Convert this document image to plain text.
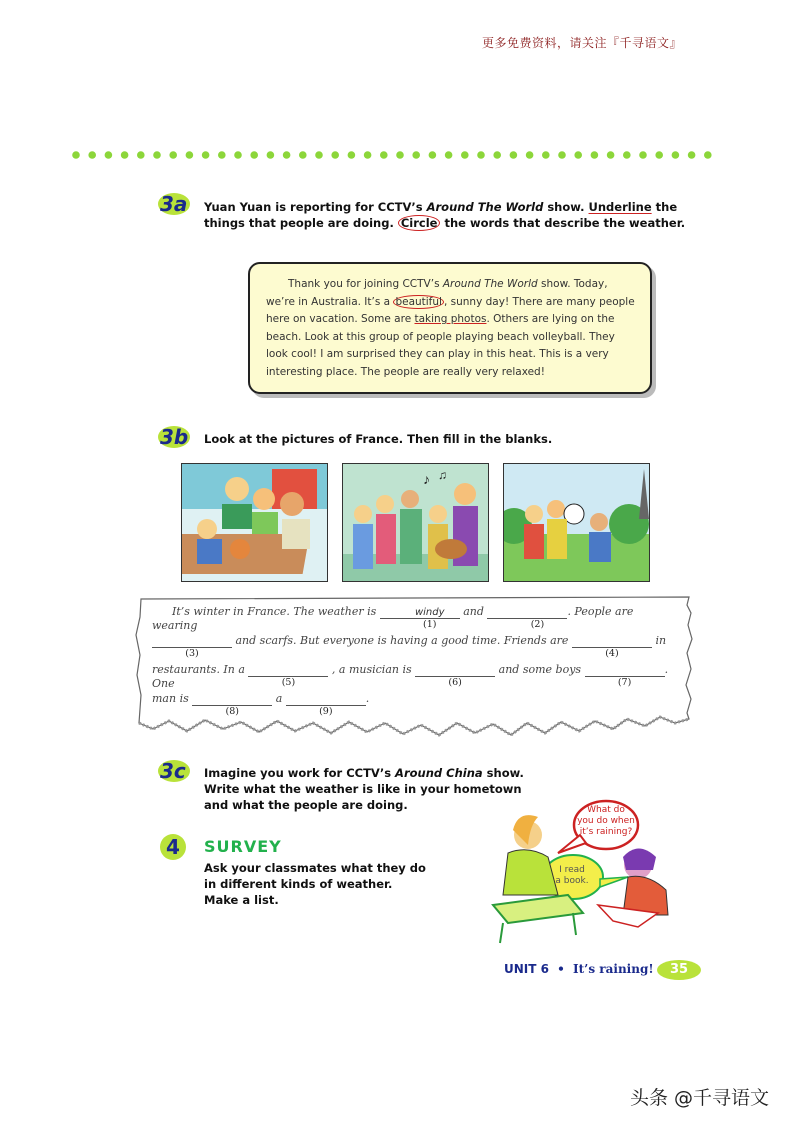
更多免费资料，请关注『千寻语文』
3a Yuan Yuan is reporting for CCTV’s Around The World show. Underline the things that people are doing. Circle the words that describe the weather.
Thank you for joining CCTV’s Around The World show. Today, we’re in Australia. It’s a beautiful , sunny day! There are many people here on vacation. Some are taking photos. Others are lying on the beach. Look at this group of people playing beach volleyball. They look cool! I am surprised they can play in this heat. This is a very interesting place. The people are really very relaxed!
3b Look at the pictures of France. Then fill in the blanks.
♪ ♫
It’s winter in France. The weather is	windy
(1)
and
(2)
. People are wearing
(3)
and scarfs. But everyone is having a good time. Friends are
(4)
in
restaurants. In a
(5)
, a musician is
(6)
and some boys
(7)
. One
man is
(8)
a
(9)
.
3c	Imagine you work for CCTV’s Around China show.
Write what the weather is like in your hometown
and what the people are doing.
4	SURVEY
Ask your classmates what they do
in different kinds of weather.
Make a list.
What do
you do when
it’s raining?
I read
a book.
UNIT 6 • It’s raining!	35
头条 @千寻语文
